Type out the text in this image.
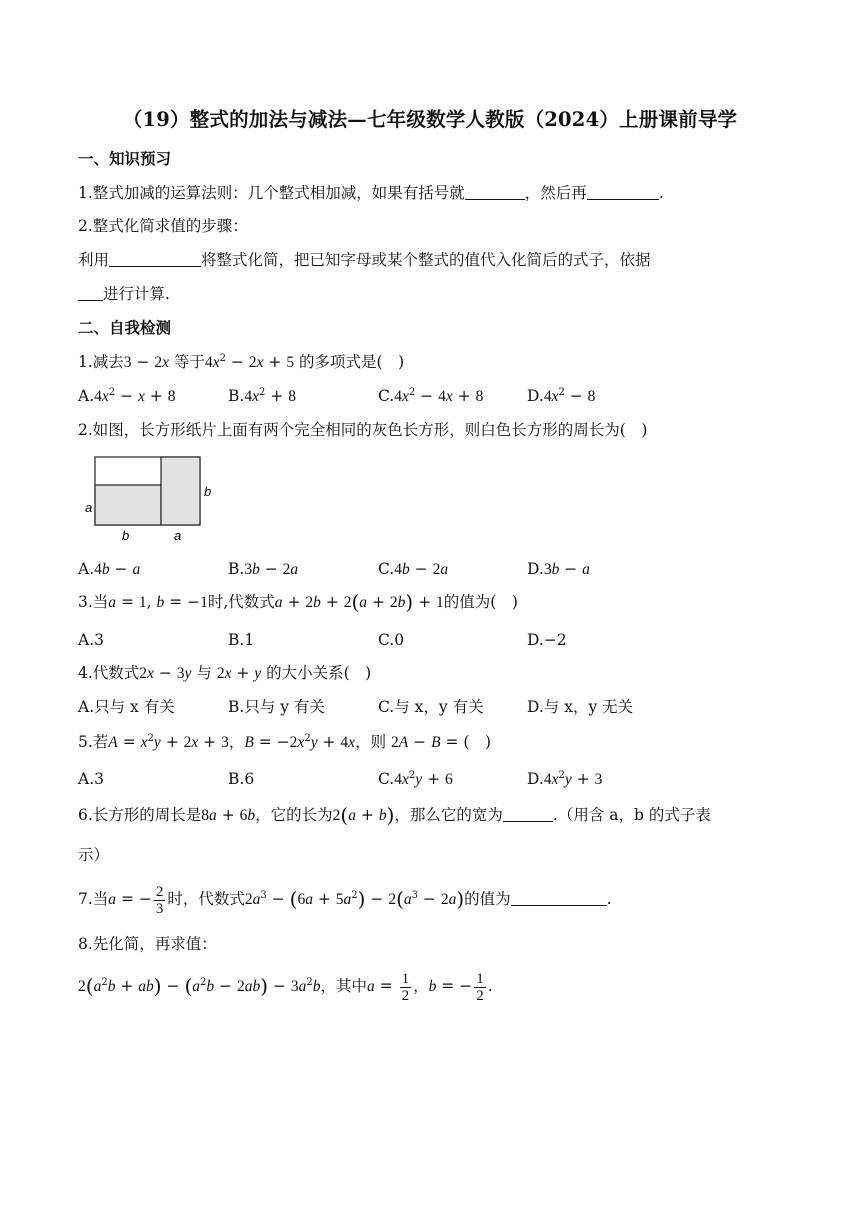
（19）整式的加法与减法—七年级数学人教版（2024）上册课前导学
一、知识预习
1.整式加减的运算法则：几个整式相加减，如果有括号就	，然后再	.
2.整式化简求值的步骤：
利用	将整式化简，把已知字母或某个整式的值代入化简后的式子，依据
进行计算.
二、自我检测
1.减去3 − 2x 等于$4x^2 - 2x + 5$ 的多项式是(　)
$A.4x^2 - x + 8$	$B.4x^2 + 8$	$C.4x^2 - 4x + 8$	$D.4x^2 - 8$
2.如图，长方形纸片上面有两个完全相同的灰色长方形，则白色长方形的周长为(　)
a
b	a
b
A.4b − a	B.3b − 2a	C.4b − 2a	D.3b − a
3.当a = 1, b = −1时,代数式a + 2b + 2(a + 2b) + 1的值为(　)
A.3	B.1	C.0	D.−2
4.代数式2x − 3y 与 2x + y 的大小关系(　)
A.只与 x 有关	B.只与 y 有关	C.与 x，y 有关	D.与 x，y 无关
5.若$A = x^2y + 2x + 3$，$B = -2x^2y + 4x$，则 2A − B = (　)
A.3	B.6	$C.4x^2y + 6$	$D.4x^2y + 3$
6.长方形的周长是8a + 6b，它的长为2(a + b)，那么它的宽为	.（用含 a，b 的式子表
示）
7.当a = − $\frac{2}{3}$ 时，代数式$2a^3 - (6a + 5a^2) - 2(a^3 - 2a)$的值为	.
8.先化简，再求值：
$2(a^2b + ab) - (a^2b - 2ab) - 3a^2b$，其中$a = \frac{1}{2}$ ，b = − $\frac{1}{2}$ .
